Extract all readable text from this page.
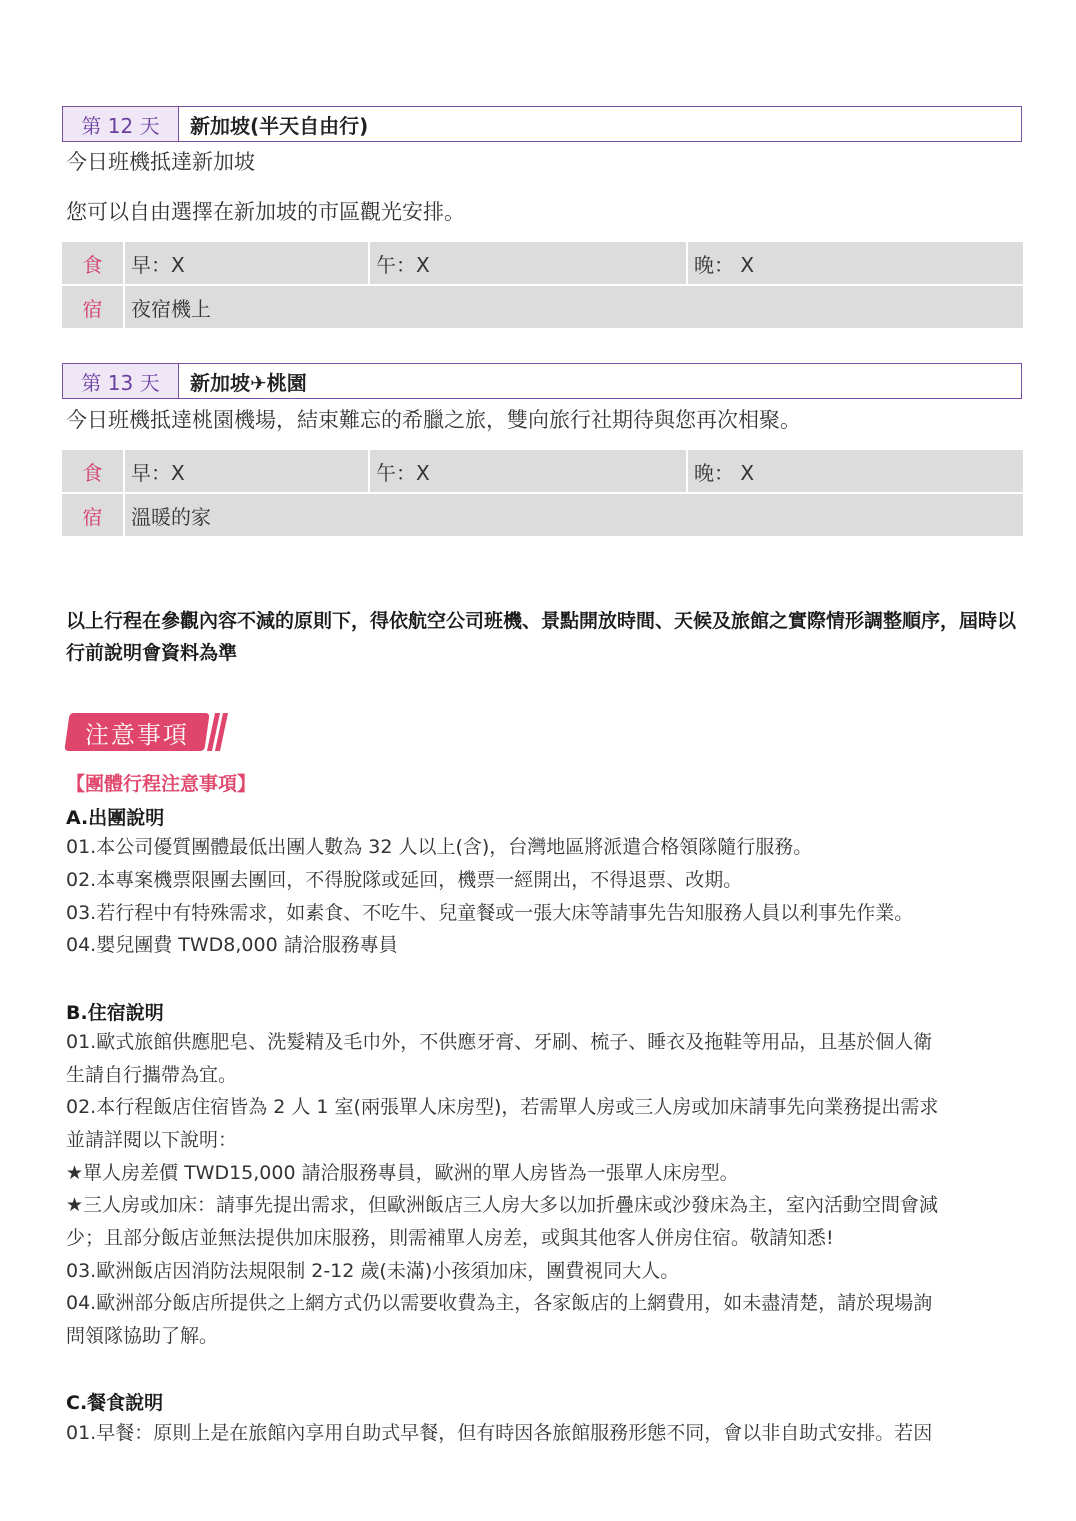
第 12 天	新加坡(半天自由行)
今日班機抵達新加坡
您可以自由選擇在新加坡的市區觀光安排。
食	早：X	午：X	晚： X
宿	夜宿機上
第 13 天	新加坡✈桃園
今日班機抵達桃園機場，結束難忘的希臘之旅，雙向旅行社期待與您再次相聚。
食	早：X	午：X	晚： X
宿	溫暖的家
以上行程在參觀內容不減的原則下，得依航空公司班機、景點開放時間、天候及旅館之實際情形調整順序，屆時以行前說明會資料為準
注意事項
【團體行程注意事項】
A.出團說明
01.本公司優質團體最低出團人數為 32 人以上(含)，台灣地區將派遣合格領隊隨行服務。
02.本專案機票限團去團回，不得脫隊或延回，機票一經開出，不得退票、改期。
03.若行程中有特殊需求，如素食、不吃牛、兒童餐或一張大床等請事先告知服務人員以利事先作業。
04.嬰兒團費 TWD8,000 請洽服務專員
B.住宿說明
01.歐式旅館供應肥皂、洗髮精及毛巾外，不供應牙膏、牙刷、梳子、睡衣及拖鞋等用品，且基於個人衛
生請自行攜帶為宜。
02.本行程飯店住宿皆為 2 人 1 室(兩張單人床房型)，若需單人房或三人房或加床請事先向業務提出需求
並請詳閱以下說明：
★單人房差價 TWD15,000 請洽服務專員，歐洲的單人房皆為一張單人床房型。
★三人房或加床：請事先提出需求，但歐洲飯店三人房大多以加折疊床或沙發床為主，室內活動空間會減
少；且部分飯店並無法提供加床服務，則需補單人房差，或與其他客人併房住宿。敬請知悉!
03.歐洲飯店因消防法規限制 2-12 歲(未滿)小孩須加床，團費視同大人。
04.歐洲部分飯店所提供之上網方式仍以需要收費為主，各家飯店的上網費用，如未盡清楚，請於現場詢
問領隊協助了解。
C.餐食說明
01.早餐：原則上是在旅館內享用自助式早餐，但有時因各旅館服務形態不同，會以非自助式安排。若因
